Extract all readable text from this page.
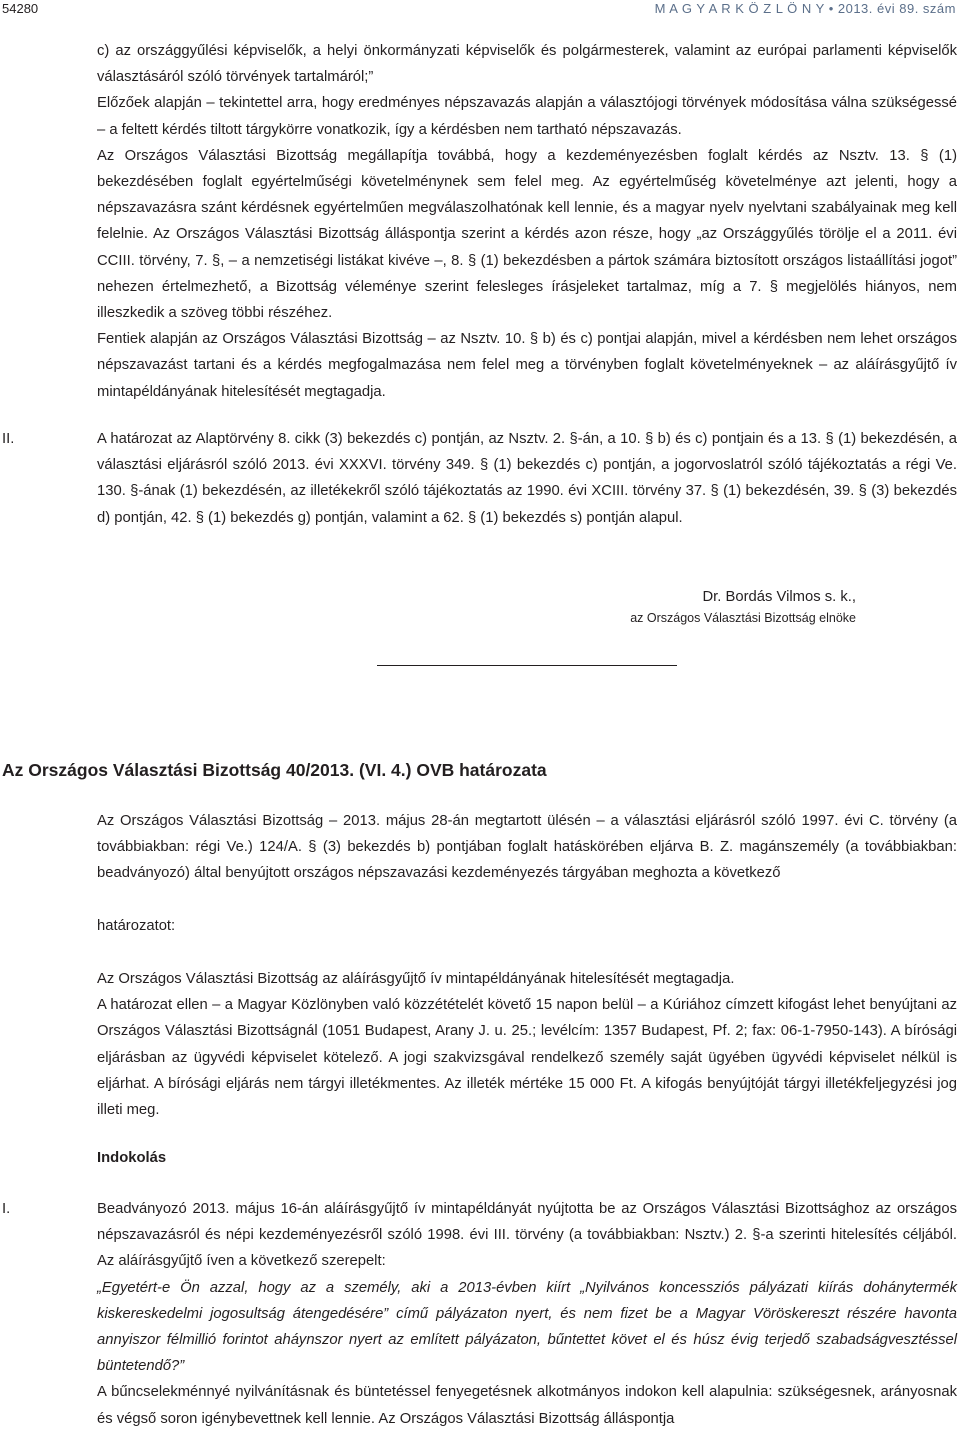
54280	M A G Y A R K Ö Z L Ö N Y • 2013. évi 89. szám

c) az országgyűlési képviselők, a helyi önkormányzati képviselők és polgármesterek, valamint az európai parlamenti képviselők választásáról szóló törvények tartalmáról;”

Előzőek alapján – tekintettel arra, hogy eredményes népszavazás alapján a választójogi törvények módosítása válna szükségessé – a feltett kérdés tiltott tárgykörre vonatkozik, így a kérdésben nem tartható népszavazás.

Az Országos Választási Bizottság megállapítja továbbá, hogy a kezdeményezésben foglalt kérdés az Nsztv. 13. § (1) bekezdésében foglalt egyértelműségi követelménynek sem felel meg. Az egyértelműség követelménye azt jelenti, hogy a népszavazásra szánt kérdésnek egyértelműen megválaszolhatónak kell lennie, és a magyar nyelv nyelvtani szabályainak meg kell felelnie. Az Országos Választási Bizottság álláspontja szerint a kérdés azon része, hogy „az Országgyűlés törölje el a 2011. évi CCIII. törvény, 7. §, – a nemzetiségi listákat kivéve –, 8. § (1) bekezdésben a pártok számára biztosított országos listaállítási jogot” nehezen értelmezhető, a Bizottság véleménye szerint felesleges írásjeleket tartalmaz, míg a 7. § megjelölés hiányos, nem illeszkedik a szöveg többi részéhez.

Fentiek alapján az Országos Választási Bizottság – az Nsztv. 10. § b) és c) pontjai alapján, mivel a kérdésben nem lehet országos népszavazást tartani és a kérdés megfogalmazása nem felel meg a törvényben foglalt követelményeknek – az aláírásgyűjtő ív mintapéldányának hitelesítését megtagadja.

II.	A határozat az Alaptörvény 8. cikk (3) bekezdés c) pontján, az Nsztv. 2. §-án, a 10. § b) és c) pontjain és a 13. § (1) bekezdésén, a választási eljárásról szóló 2013. évi XXXVI. törvény 349. § (1) bekezdés c) pontján, a jogorvoslatról szóló tájékoztatás a régi Ve. 130. §-ának (1) bekezdésén, az illetékekről szóló tájékoztatás az 1990. évi XCIII. törvény 37. § (1) bekezdésén, 39. § (3) bekezdés d) pontján, 42. § (1) bekezdés g) pontján, valamint a 62. § (1) bekezdés s) pontján alapul.

Dr. Bordás Vilmos s. k.,
az Országos Választási Bizottság elnöke
Az Országos Választási Bizottság 40/2013. (VI. 4.) OVB határozata

Az Országos Választási Bizottság – 2013. május 28-án megtartott ülésén – a választási eljárásról szóló 1997. évi C. törvény (a továbbiakban: régi Ve.) 124/A. § (3) bekezdés b) pontjában foglalt hatáskörében eljárva B. Z. magánszemély (a továbbiakban: beadványozó) által benyújtott országos népszavazási kezdeményezés tárgyában meghozta a következő

határozatot:

Az Országos Választási Bizottság az aláírásgyűjtő ív mintapéldányának hitelesítését megtagadja.

A határozat ellen – a Magyar Közlönyben való közzétételét követő 15 napon belül – a Kúriához címzett kifogást lehet benyújtani az Országos Választási Bizottságnál (1051 Budapest, Arany J. u. 25.; levélcím: 1357 Budapest, Pf. 2; fax: 06-1-7950-143). A bírósági eljárásban az ügyvédi képviselet kötelező. A jogi szakvizsgával rendelkező személy saját ügyében ügyvédi képviselet nélkül is eljárhat. A bírósági eljárás nem tárgyi illetékmentes. Az illeték mértéke 15 000 Ft. A kifogás benyújtóját tárgyi illetékfeljegyzési jog illeti meg.

Indokolás
I.	Beadványozó 2013. május 16-án aláírásgyűjtő ív mintapéldányát nyújtotta be az Országos Választási Bizottsághoz az országos népszavazásról és népi kezdeményezésről szóló 1998. évi III. törvény (a továbbiakban: Nsztv.) 2. §-a szerinti hitelesítés céljából. Az aláírásgyűjtő íven a következő szerepelt:

„Egyetért-e Ön azzal, hogy az a személy, aki a 2013-évben kiírt „Nyilvános koncessziós pályázati kiírás dohánytermék kiskereskedelmi jogosultság átengedésére” című pályázaton nyert, és nem fizet be a Magyar Vöröskereszt részére havonta annyiszor félmillió forintot aháynszor nyert az említett pályázaton, bűntettet követ el és húsz évig terjedő szabadságvesztéssel büntetendő?”

A bűncselekménnyé nyilvánításnak és büntetéssel fenyegetésnek alkotmányos indokon kell alapulnia: szükségesnek, arányosnak és végső soron igénybevettnek kell lennie. Az Országos Választási Bizottság álláspontja
